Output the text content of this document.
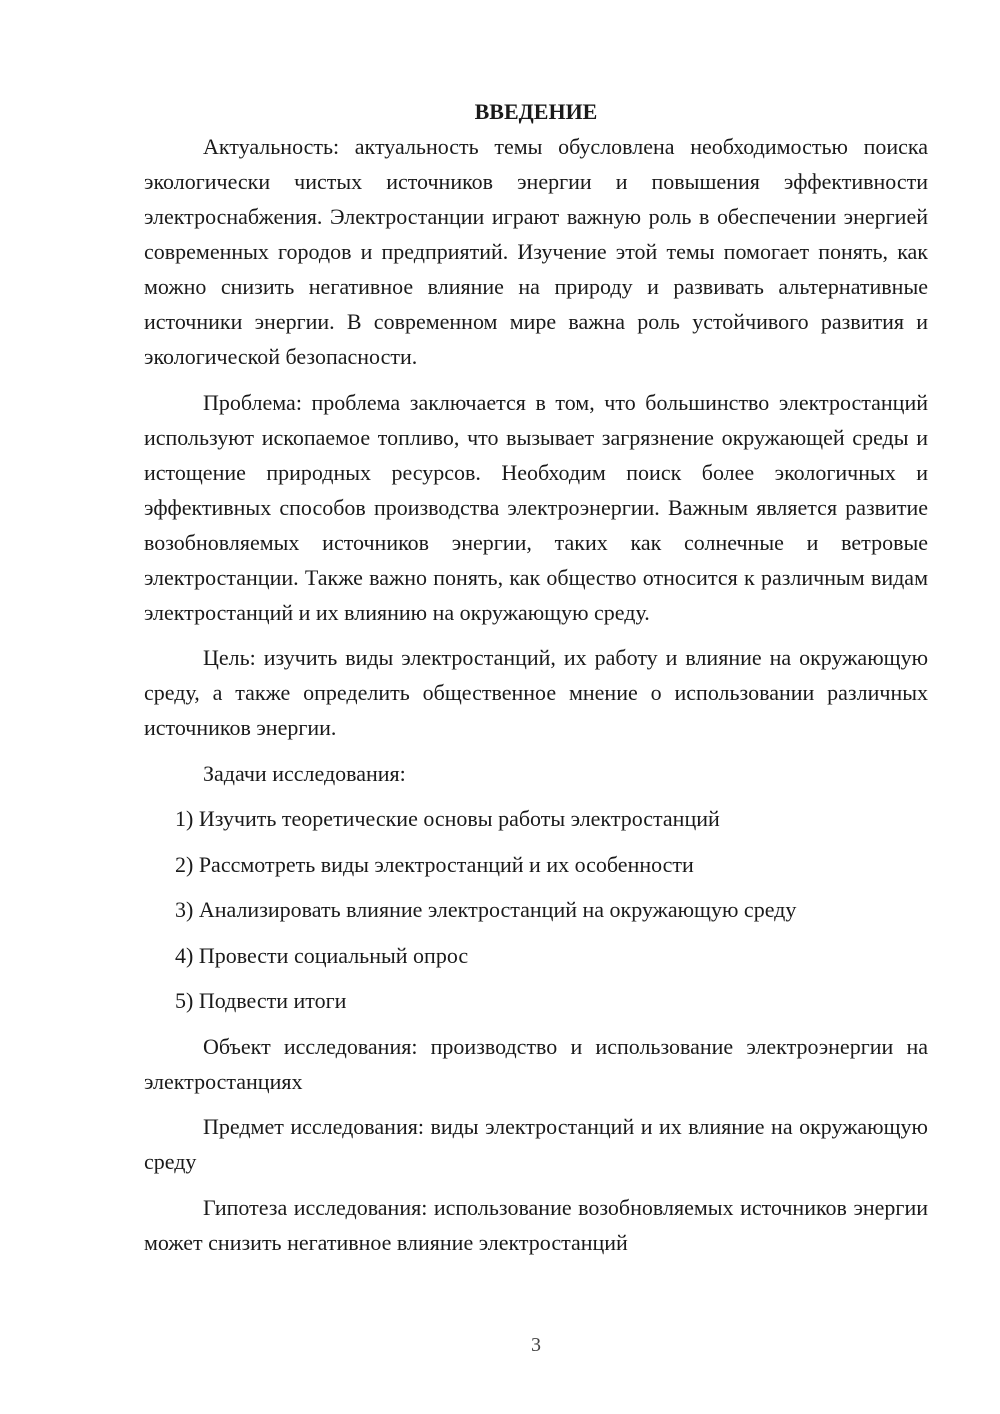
ВВЕДЕНИЕ

Актуальность: актуальность темы обусловлена необходимостью поиска экологически чистых источников энергии и повышения эффективности электроснабжения. Электростанции играют важную роль в обеспечении энергией современных городов и предприятий. Изучение этой темы помогает понять, как можно снизить негативное влияние на природу и развивать альтернативные источники энергии. В современном мире важна роль устойчивого развития и экологической безопасности.

Проблема: проблема заключается в том, что большинство электростанций используют ископаемое топливо, что вызывает загрязнение окружающей среды и истощение природных ресурсов. Необходим поиск более экологичных и эффективных способов производства электроэнергии. Важным является развитие возобновляемых источников энергии, таких как солнечные и ветровые электростанции. Также важно понять, как общество относится к различным видам электростанций и их влиянию на окружающую среду.

Цель: изучить виды электростанций, их работу и влияние на окружающую среду, а также определить общественное мнение о использовании различных источников энергии.

Задачи исследования:

1) Изучить теоретические основы работы электростанций
2) Рассмотреть виды электростанций и их особенности
3) Анализировать влияние электростанций на окружающую среду
4) Провести социальный опрос
5) Подвести итоги

Объект исследования: производство и использование электроэнергии на электростанциях

Предмет исследования: виды электростанций и их влияние на окружающую среду

Гипотеза исследования: использование возобновляемых источников энергии может снизить негативное влияние электростанций

3
